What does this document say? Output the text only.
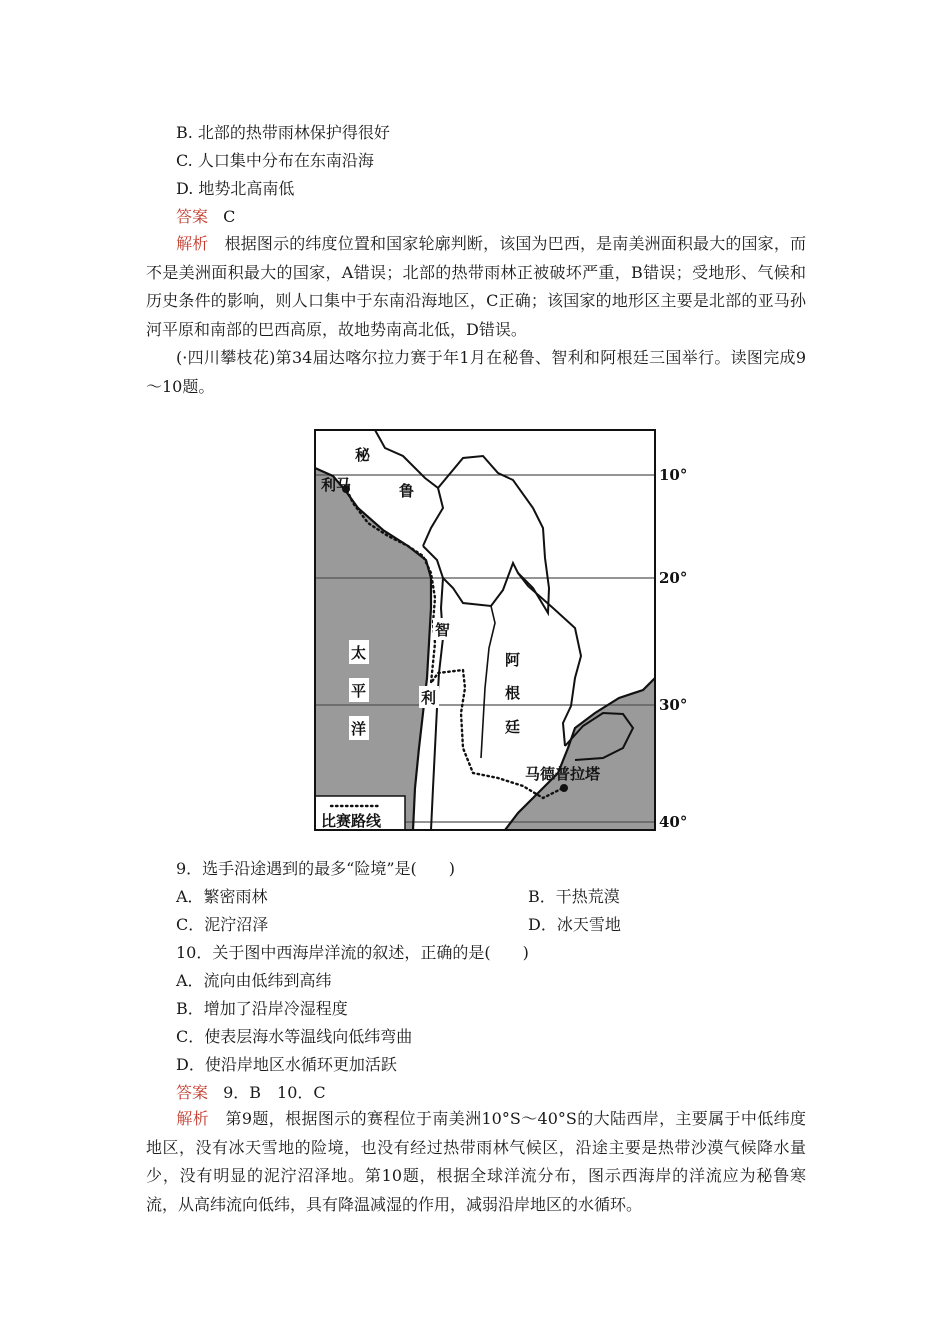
B. 北部的热带雨林保护得很好
C. 人口集中分布在东南沿海
D. 地势北高南低
答案 C
解析　 根据图示的纬度位置和国家轮廓判断，该国为巴西，是南美洲面积最大的国家，而不是美洲面积最大的国家，A错误；北部的热带雨林正被破坏严重，B错误；受地形、气候和历史条件的影响，则人口集中于东南沿海地区，C正确；该国家的地形区主要是北部的亚马孙河平原和南部的巴西高原，故地势南高北低，D错误。
(·四川攀枝花)第34届达喀尔拉力赛于年1月在秘鲁、智利和阿根廷三国举行。读图完成9～10题。
秘
鲁
利马
智
利
太
平
洋
阿
根
廷
马德普拉塔
10°
20°
30°
40°
比赛路线
9．选手沿途遇到的最多“险境”是(　　)
A．繁密雨林	B．干热荒漠
C．泥泞沼泽	D．冰天雪地
10．关于图中西海岸洋流的叙述，正确的是(　　)
A．流向由低纬到高纬
B．增加了沿岸冷湿程度
C．使表层海水等温线向低纬弯曲
D．使沿岸地区水循环更加活跃
答案 9．B　10．C
解析　 第9题，根据图示的赛程位于南美洲10°S～40°S的大陆西岸，主要属于中低纬度地区，没有冰天雪地的险境，也没有经过热带雨林气候区，沿途主要是热带沙漠气候降水量少，没有明显的泥泞沼泽地。第10题，根据全球洋流分布，图示西海岸的洋流应为秘鲁寒流，从高纬流向低纬，具有降温减湿的作用，减弱沿岸地区的水循环。
